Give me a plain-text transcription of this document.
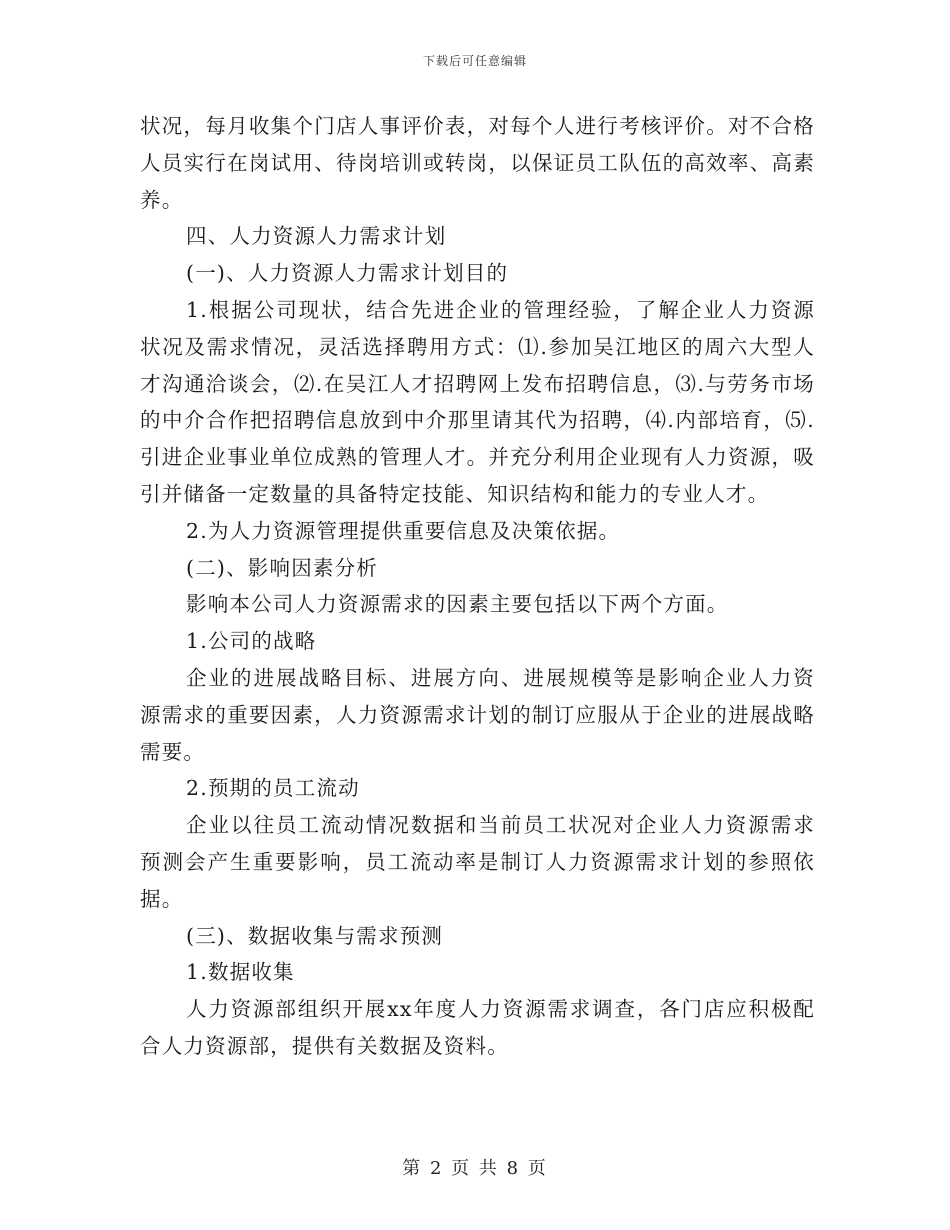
下载后可任意编辑

状况，每月收集个门店人事评价表，对每个人进行考核评价。对不合格人员实行在岗试用、待岗培训或转岗，以保证员工队伍的高效率、高素养。

四、人力资源人力需求计划

(一)、人力资源人力需求计划目的

1.根据公司现状，结合先进企业的管理经验，了解企业人力资源状况及需求情况，灵活选择聘用方式：⑴.参加吴江地区的周六大型人才沟通洽谈会，⑵.在吴江人才招聘网上发布招聘信息，⑶.与劳务市场的中介合作把招聘信息放到中介那里请其代为招聘，⑷.内部培育，⑸.引进企业事业单位成熟的管理人才。并充分利用企业现有人力资源，吸引并储备一定数量的具备特定技能、知识结构和能力的专业人才。

2.为人力资源管理提供重要信息及决策依据。

(二)、影响因素分析

影响本公司人力资源需求的因素主要包括以下两个方面。

1.公司的战略

企业的进展战略目标、进展方向、进展规模等是影响企业人力资源需求的重要因素，人力资源需求计划的制订应服从于企业的进展战略需要。

2.预期的员工流动

企业以往员工流动情况数据和当前员工状况对企业人力资源需求预测会产生重要影响，员工流动率是制订人力资源需求计划的参照依据。

(三)、数据收集与需求预测

1.数据收集

人力资源部组织开展xx年度人力资源需求调查，各门店应积极配合人力资源部，提供有关数据及资料。

第 2 页 共 8 页
